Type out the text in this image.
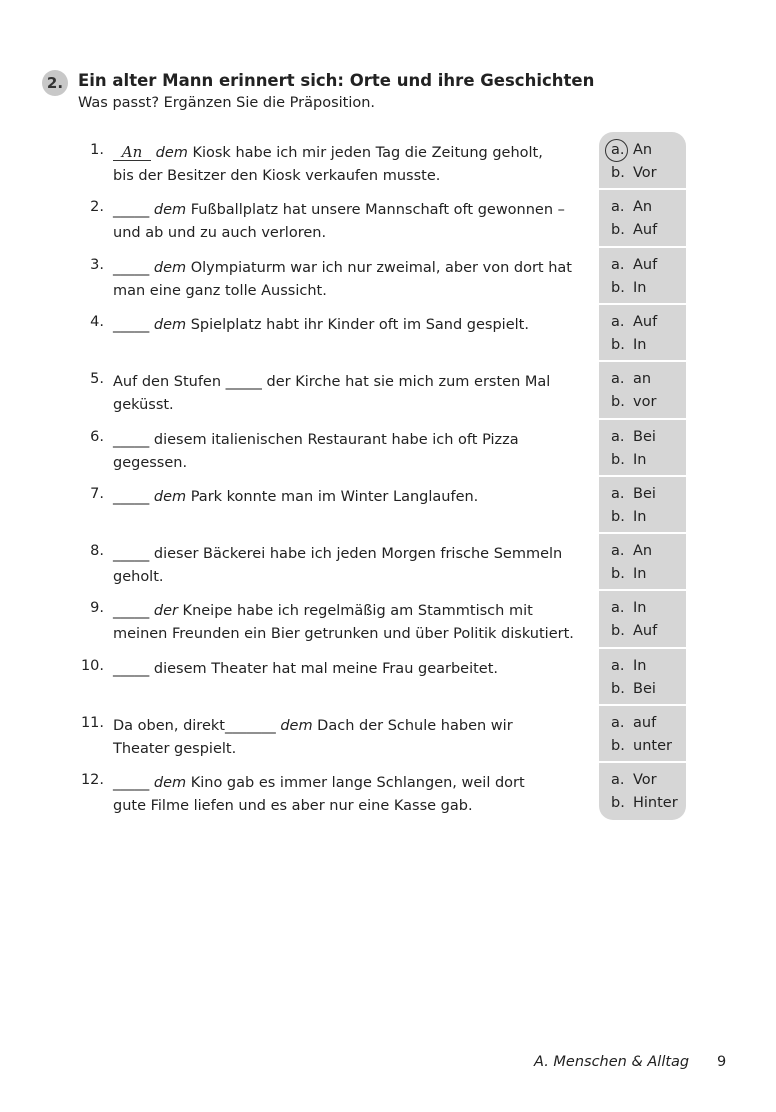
2. Ein alter Mann erinnert sich: Orte und ihre Geschichten
Was passt? Ergänzen Sie die Präposition.
1.	An dem Kiosk habe ich mir jeden Tag die Zeitung geholt,
bis der Besitzer den Kiosk verkaufen musste.
a. An
b. Vor
2. _____ dem Fußballplatz hat unsere Mannschaft oft gewonnen –
und ab und zu auch verloren.
a. An
b. Auf
3. _____ dem Olympiaturm war ich nur zweimal, aber von dort hat
man eine ganz tolle Aussicht.
a. Auf
b. In
4. _____ dem Spielplatz habt ihr Kinder oft im Sand gespielt.	a. Auf
b. In
5. Auf den Stufen _____ der Kirche hat sie mich zum ersten Mal
geküsst.
a. an
b. vor
6. _____ diesem italienischen Restaurant habe ich oft Pizza
gegessen.
a. Bei
b. In
7. _____ dem Park konnte man im Winter Langlaufen.	a. Bei
b. In
8. _____ dieser Bäckerei habe ich jeden Morgen frische Semmeln
geholt.
a. An
b. In
9. _____ der Kneipe habe ich regelmäßig am Stammtisch mit
meinen Freunden ein Bier getrunken und über Politik diskutiert.
a. In
b. Auf
10. _____ diesem Theater hat mal meine Frau gearbeitet.	a. In
b. Bei
11. Da oben, direkt_______ dem Dach der Schule haben wir
Theater gespielt.
a. auf
b. unter
12. _____ dem Kino gab es immer lange Schlangen, weil dort
gute Filme liefen und es aber nur eine Kasse gab.
a. Vor
b. Hinter
A. Menschen & Alltag 9
